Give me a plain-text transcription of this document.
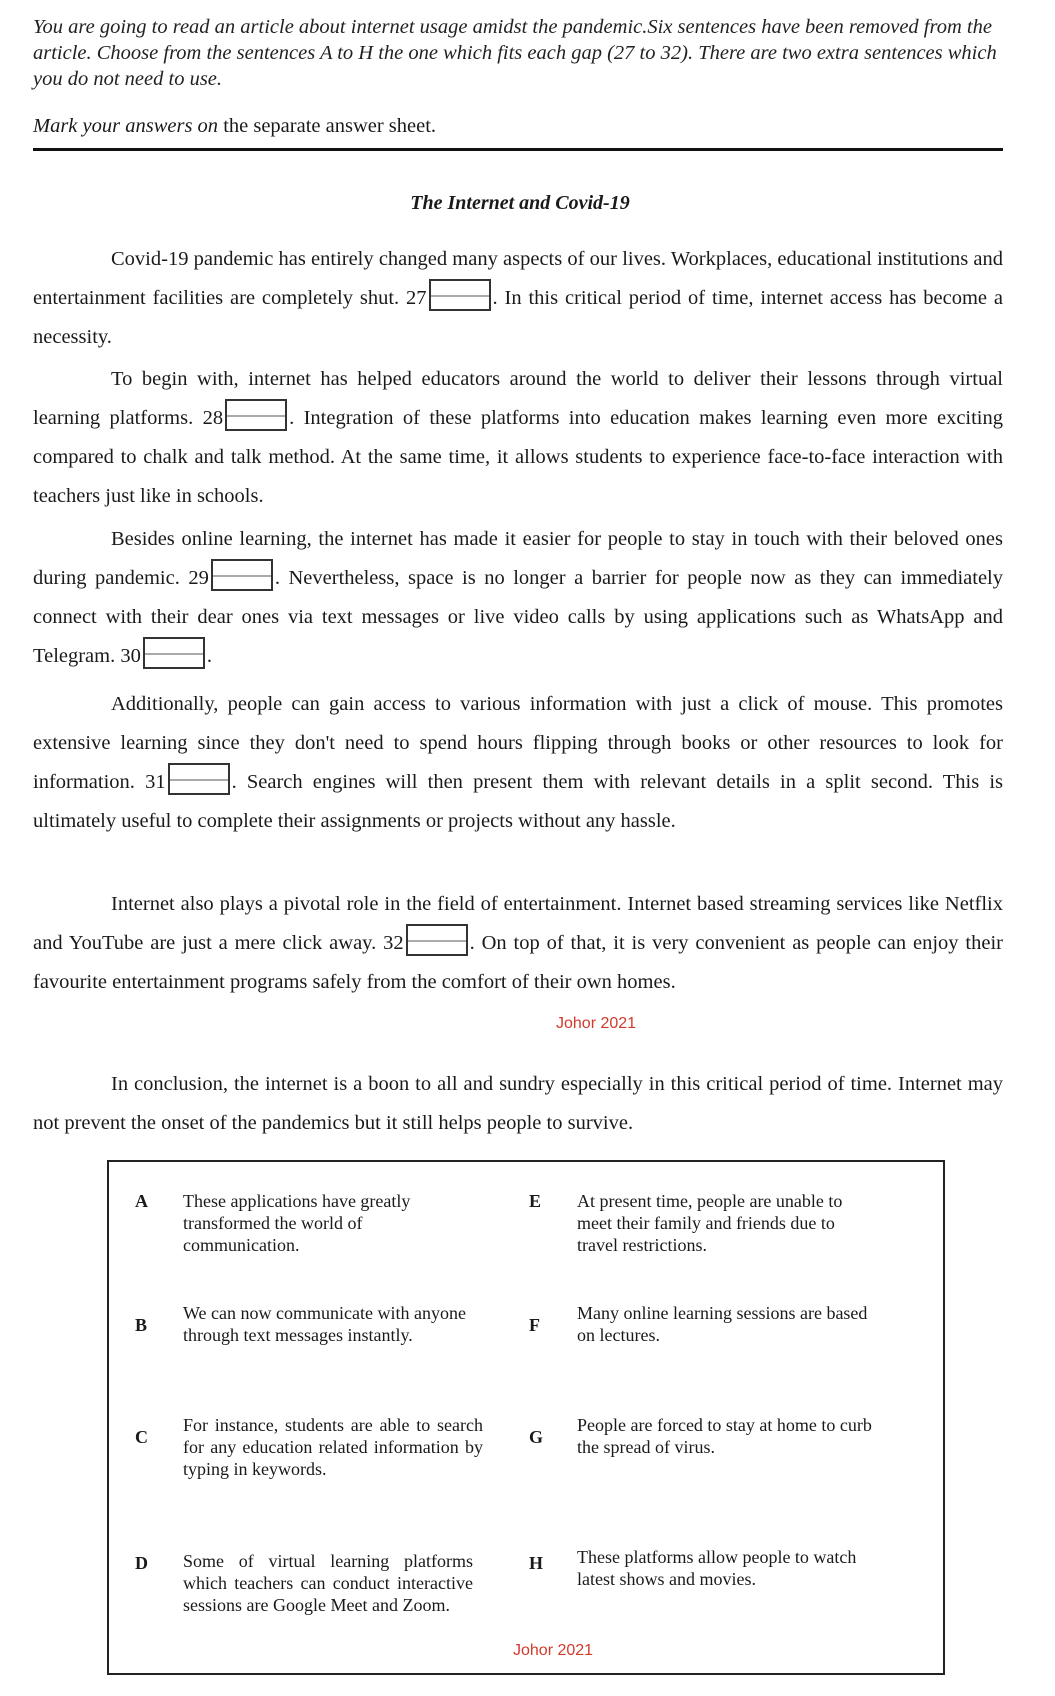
You are going to read an article about internet usage amidst the pandemic.Six sentences have been removed from the article. Choose from the sentences A to H the one which fits each gap (27 to 32). There are two extra sentences which you do not need to use.
Mark your answers on the separate answer sheet.
The Internet and Covid-19

Covid-19 pandemic has entirely changed many aspects of our lives. Workplaces, educational institutions and entertainment facilities are completely shut. 27	. In this critical period of time, internet access has become a necessity.

To begin with, internet has helped educators around the world to deliver their lessons through virtual learning platforms. 28	. Integration of these platforms into education makes learning even more exciting compared to chalk and talk method. At the same time, it allows students to experience face-to-face interaction with teachers just like in schools.

Besides online learning, the internet has made it easier for people to stay in touch with their beloved ones during pandemic. 29	. Nevertheless, space is no longer a barrier for people now as they can immediately connect with their dear ones via text messages or live video calls by using applications such as WhatsApp and Telegram. 30	.

Additionally, people can gain access to various information with just a click of mouse. This promotes extensive learning since they don't need to spend hours flipping through books or other resources to look for information. 31	. Search engines will then present them with relevant details in a split second. This is ultimately useful to complete their assignments or projects without any hassle.

Internet also plays a pivotal role in the field of entertainment. Internet based streaming services like Netflix and YouTube are just a mere click away. 32	. On top of that, it is very convenient as people can enjoy their favourite entertainment programs safely from the comfort of their own homes.

Johor 2021

In conclusion, the internet is a boon to all and sundry especially in this critical period of time. Internet may not prevent the onset of the pandemics but it still helps people to survive.

A These applications have greatly transformed the world of communication.
B
We can now communicate with anyone through text messages instantly.
C
For instance, students are able to search for any education related information by typing in keywords.
D Some of virtual learning platforms which teachers can conduct interactive sessions are Google Meet and Zoom.
E At present time, people are unable to meet their family and friends due to travel restrictions.
F
Many online learning sessions are based on lectures.
G
People are forced to stay at home to curb the spread of virus.
H These platforms allow people to watch latest shows and movies.
Johor 2021
